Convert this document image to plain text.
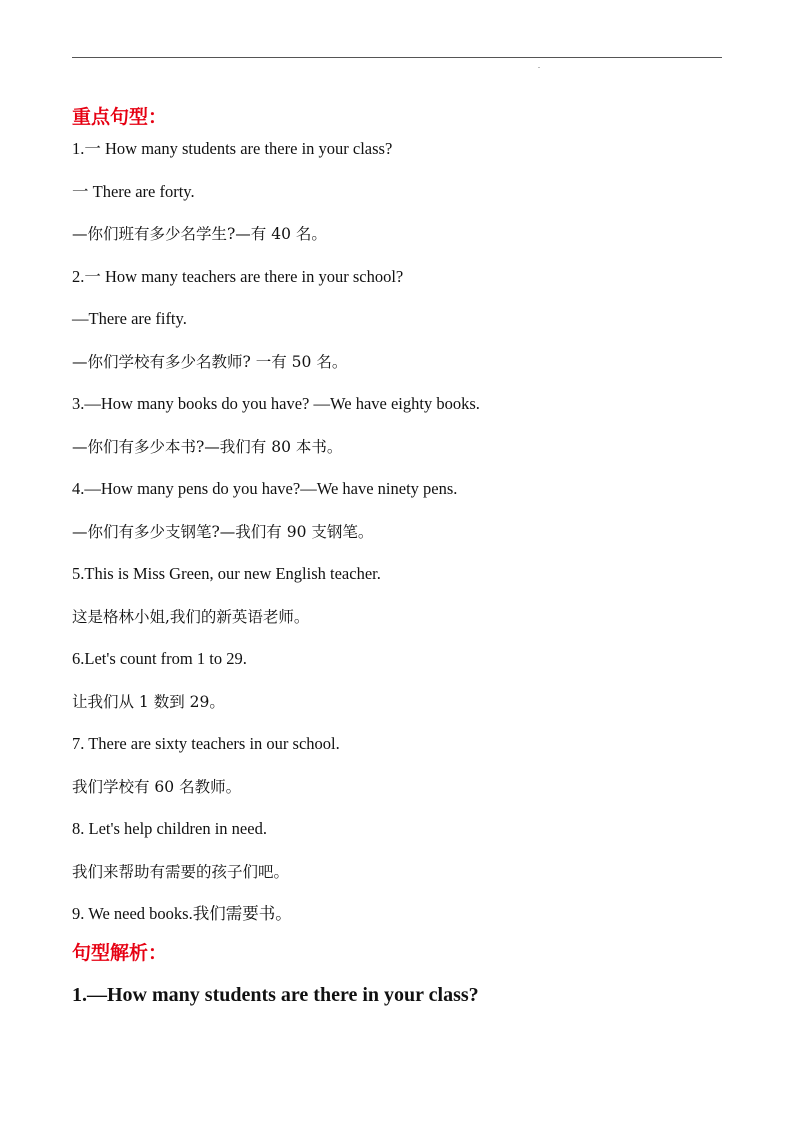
重点句型：
1.一 How many students are there in your class?
一 There are forty.
—你们班有多少名学生?—有 40 名。
2.一 How many teachers are there in your school?
—There are fifty.
—你们学校有多少名教师? 一有 50 名。
3.—How many books do you have? —We have eighty books.
—你们有多少本书?—我们有 80 本书。
4.—How many pens do you have?—We have ninety pens.
—你们有多少支钢笔?—我们有 90 支钢笔。
5.This is Miss Green, our new English teacher.
这是格林小姐,我们的新英语老师。
6.Let's count from 1 to 29.
让我们从 1 数到 29。
7. There are sixty teachers in our school.
我们学校有 60 名教师。
8. Let's help children in need.
我们来帮助有需要的孩子们吧。
9. We need books.我们需要书。
句型解析：
1.—How many students are there in your class?
